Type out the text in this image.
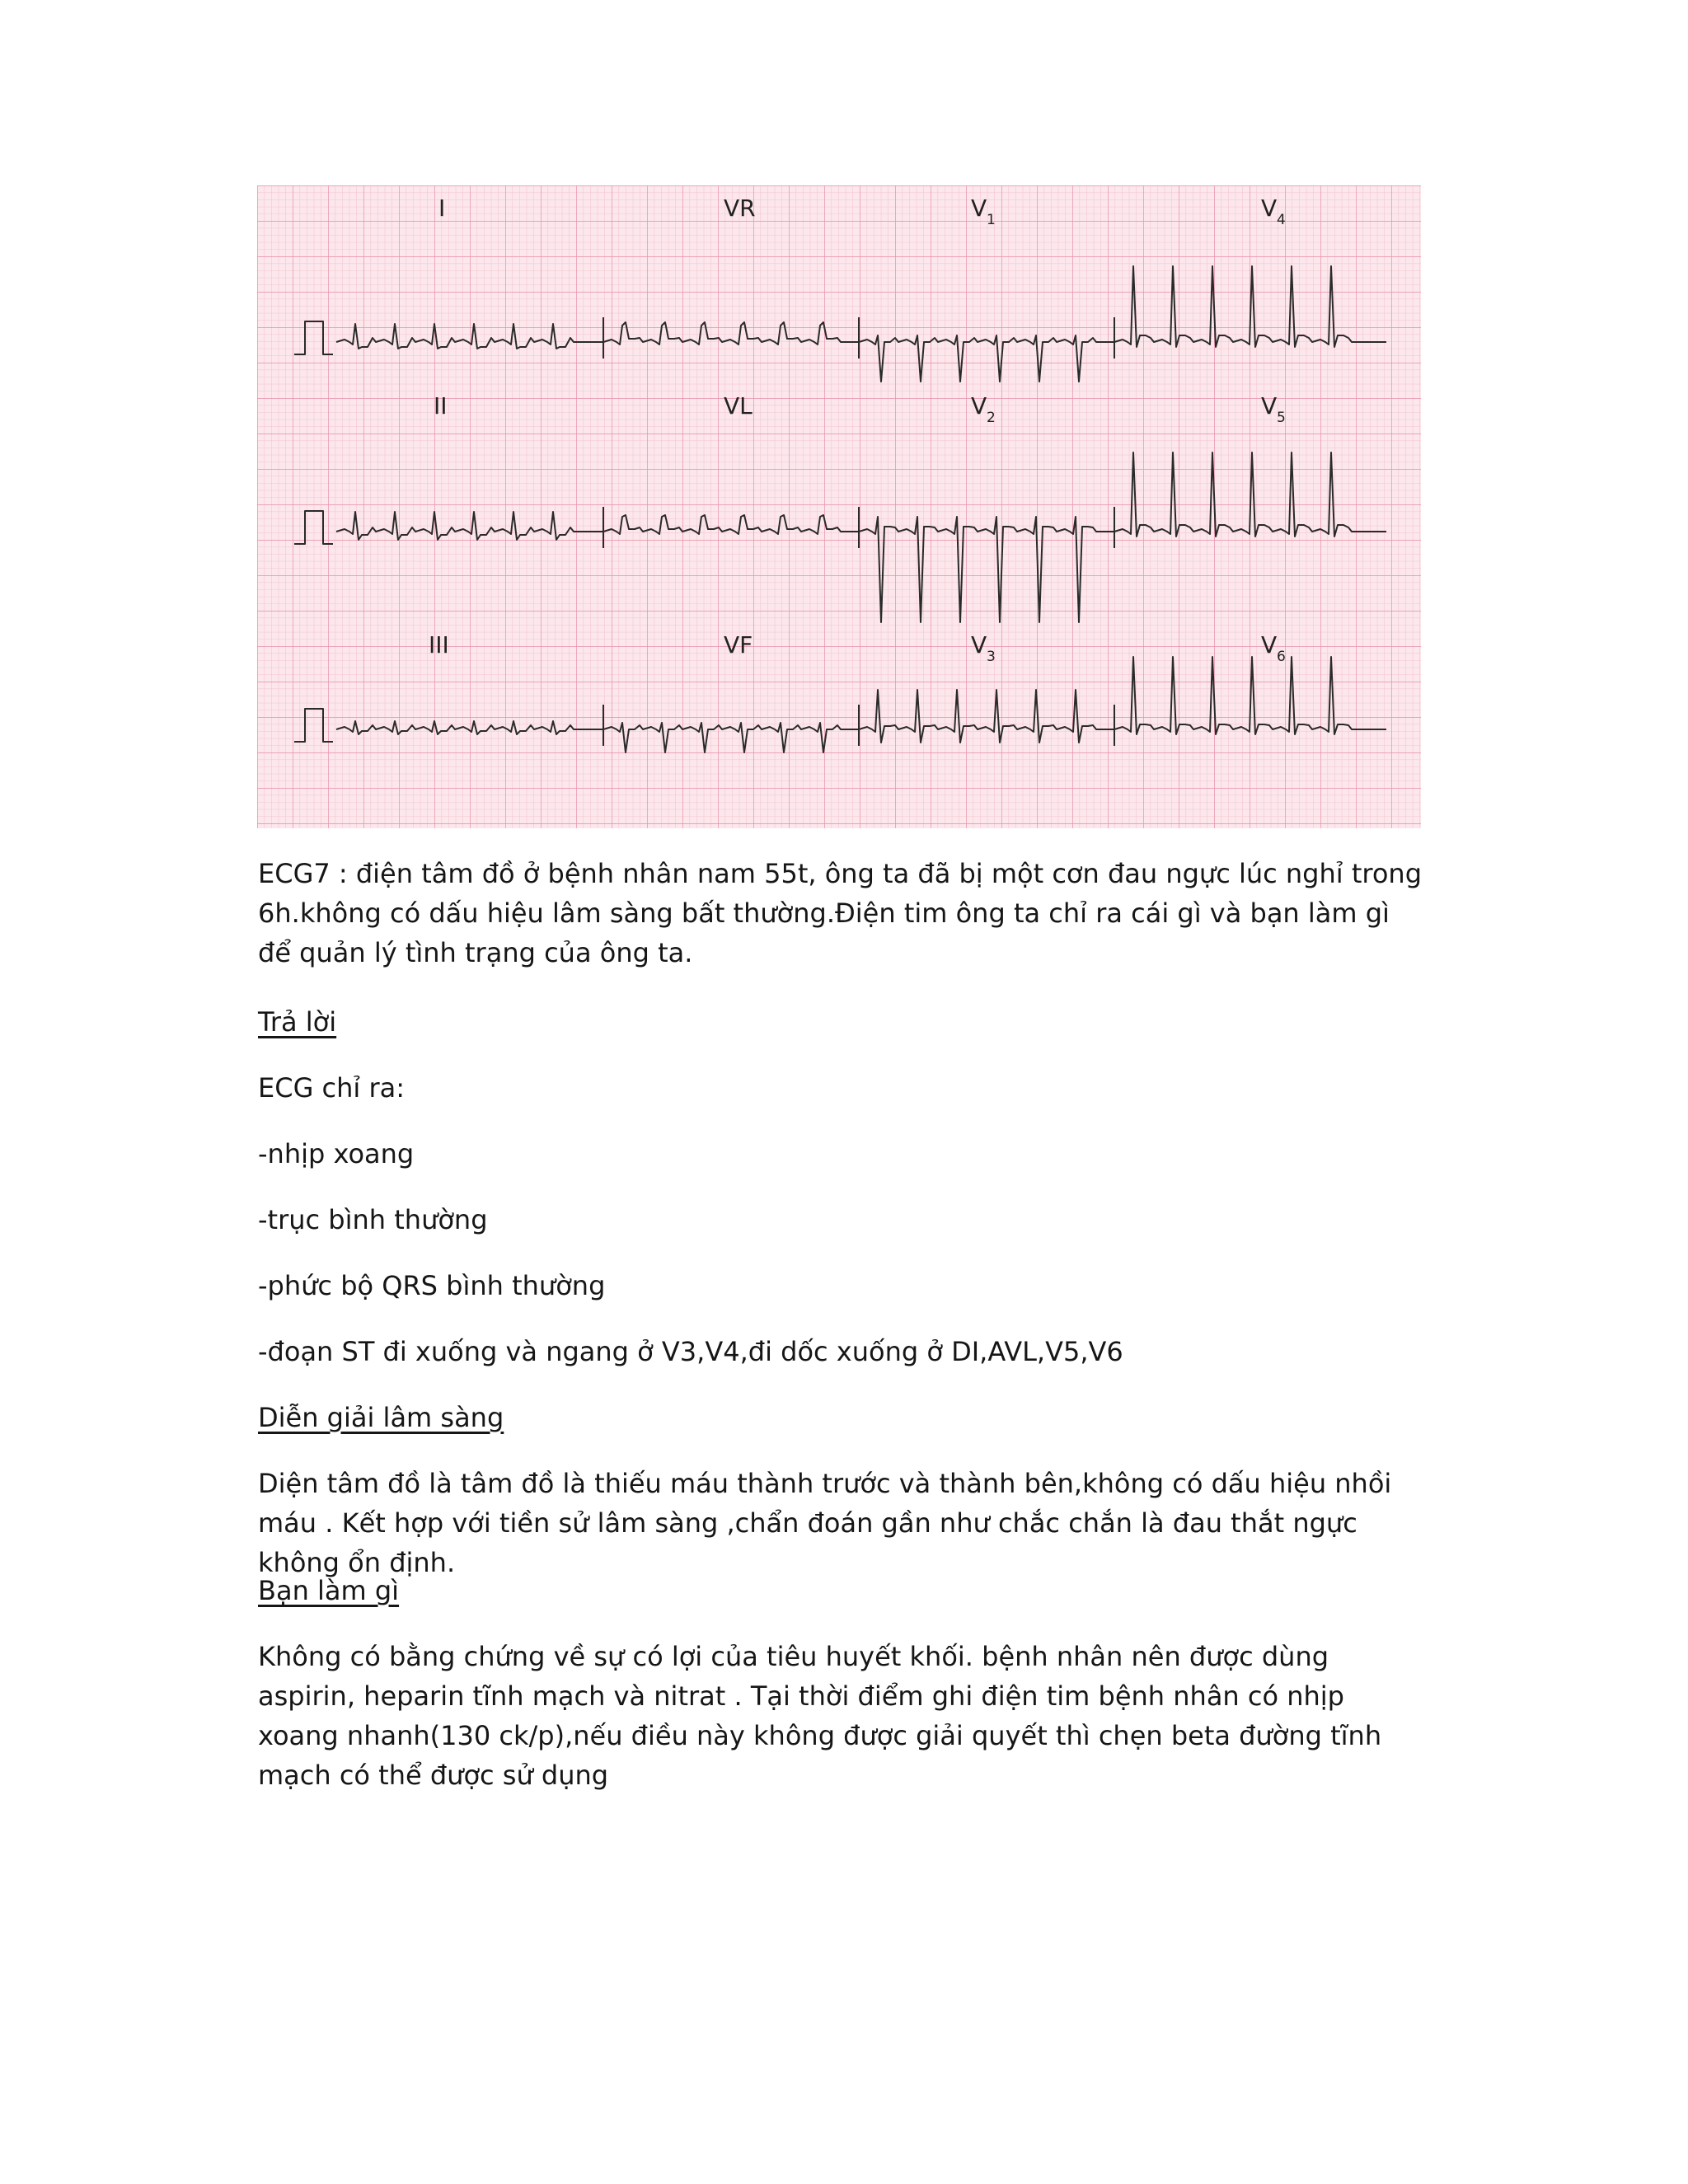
I	VR	V 1	V 4
II	VL	V 2	V 5
III	VF	V 3	V 6
ECG7 : điện tâm đồ ở bệnh nhân nam 55t, ông ta đã bị một cơn đau ngực lúc nghỉ trong 6h.không có dấu hiệu lâm sàng bất thường.Điện tim ông ta chỉ ra cái gì và bạn làm gì để quản lý tình trạng của ông ta.
Trả lời
ECG chỉ ra:
-nhịp xoang
-trục bình thường
-phức bộ QRS bình thường
-đoạn ST đi xuống và ngang ở V3,V4,đi dốc xuống ở DI,AVL,V5,V6
Diễn giải lâm sàng
Diện tâm đồ là tâm đồ là thiếu máu thành trước và thành bên,không có dấu hiệu nhồi máu . Kết hợp với tiền sử lâm sàng ,chẩn đoán gần như chắc chắn là đau thắt ngực không ổn định.
Bạn làm gì
Không có bằng chứng về sự có lợi của tiêu huyết khối. bệnh nhân nên được dùng aspirin, heparin tĩnh mạch và nitrat . Tại thời điểm ghi điện tim bệnh nhân có nhịp xoang nhanh(130 ck/p),nếu điều này không được giải quyết thì chẹn beta đường tĩnh mạch có thể được sử dụng
